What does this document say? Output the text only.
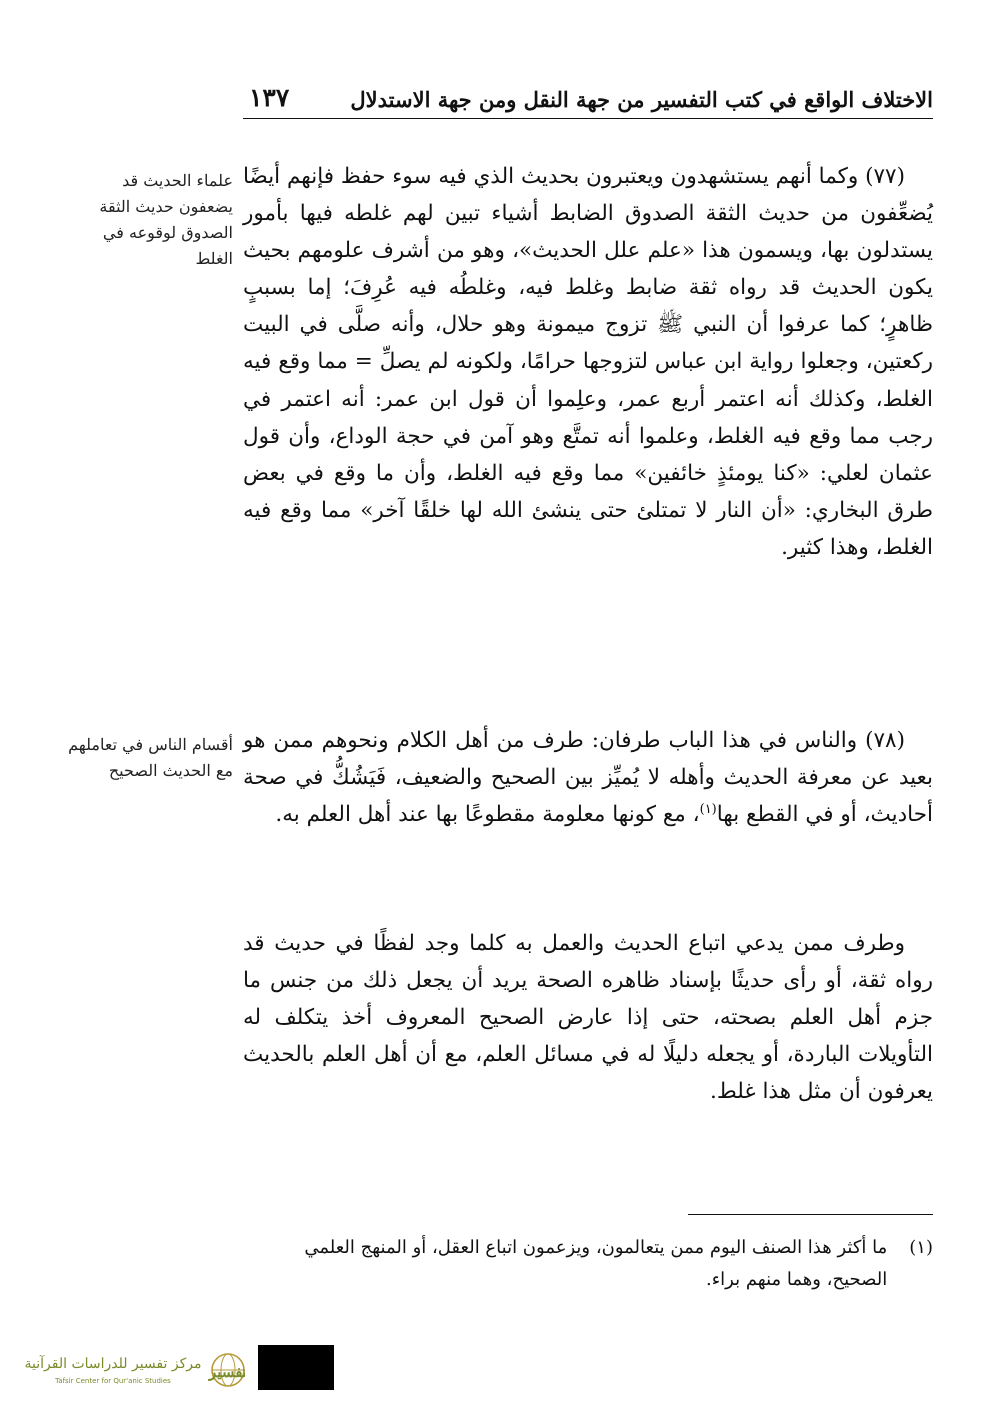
الاختلاف الواقع في كتب التفسير من جهة النقل ومن جهة الاستدلال
١٣٧
علماء الحديث قد يضعفون حديث الثقة الصدوق لوقوعه في الغلط
أقسام الناس في تعاملهم مع الحديث الصحيح

(٧٧) وكما أنهم يستشهدون ويعتبرون بحديث الذي فيه سوء حفظ فإنهم أيضًا يُضعِّفون من حديث الثقة الصدوق الضابط أشياء تبين لهم غلطه فيها بأمور يستدلون بها، ويسمون هذا «علم علل الحديث»، وهو من أشرف علومهم بحيث يكون الحديث قد رواه ثقة ضابط وغلط فيه، وغلطُه فيه عُرِفَ؛ إما بسببٍ ظاهرٍ؛ كما عرفوا أن النبي ﷺ تزوج ميمونة وهو حلال، وأنه صلَّى في البيت ركعتين، وجعلوا رواية ابن عباس لتزوجها حرامًا، ولكونه لم يصلِّ = مما وقع فيه الغلط، وكذلك أنه اعتمر أربع عمر، وعلِموا أن قول ابن عمر: أنه اعتمر في رجب مما وقع فيه الغلط، وعلموا أنه تمتَّع وهو آمن في حجة الوداع، وأن قول عثمان لعلي: «كنا يومئذٍ خائفين» مما وقع فيه الغلط، وأن ما وقع في بعض طرق البخاري: «أن النار لا تمتلئ حتى ينشئ الله لها خلقًا آخر» مما وقع فيه الغلط، وهذا كثير.

(٧٨) والناس في هذا الباب طرفان: طرف من أهل الكلام ونحوهم ممن هو بعيد عن معرفة الحديث وأهله لا يُميِّز بين الصحيح والضعيف، فَيَشُكُّ في صحة أحاديث، أو في القطع بها$^{(١)}$، مع كونها معلومة مقطوعًا بها عند أهل العلم به.

وطرف ممن يدعي اتباع الحديث والعمل به كلما وجد لفظًا في حديث قد رواه ثقة، أو رأى حديثًا بإسناد ظاهره الصحة يريد أن يجعل ذلك من جنس ما جزم أهل العلم بصحته، حتى إذا عارض الصحيح المعروف أخذ يتكلف له التأويلات الباردة، أو يجعله دليلًا له في مسائل العلم، مع أن أهل العلم بالحديث يعرفون أن مثل هذا غلط.

(١)
ما أكثر هذا الصنف اليوم ممن يتعالمون، ويزعمون اتباع العقل، أو المنهج العلمي الصحيح، وهما منهم براء.
تفسير
مركز تفسير للدراسات القرآنية
Tafsir Center for Qur'anic Studies
